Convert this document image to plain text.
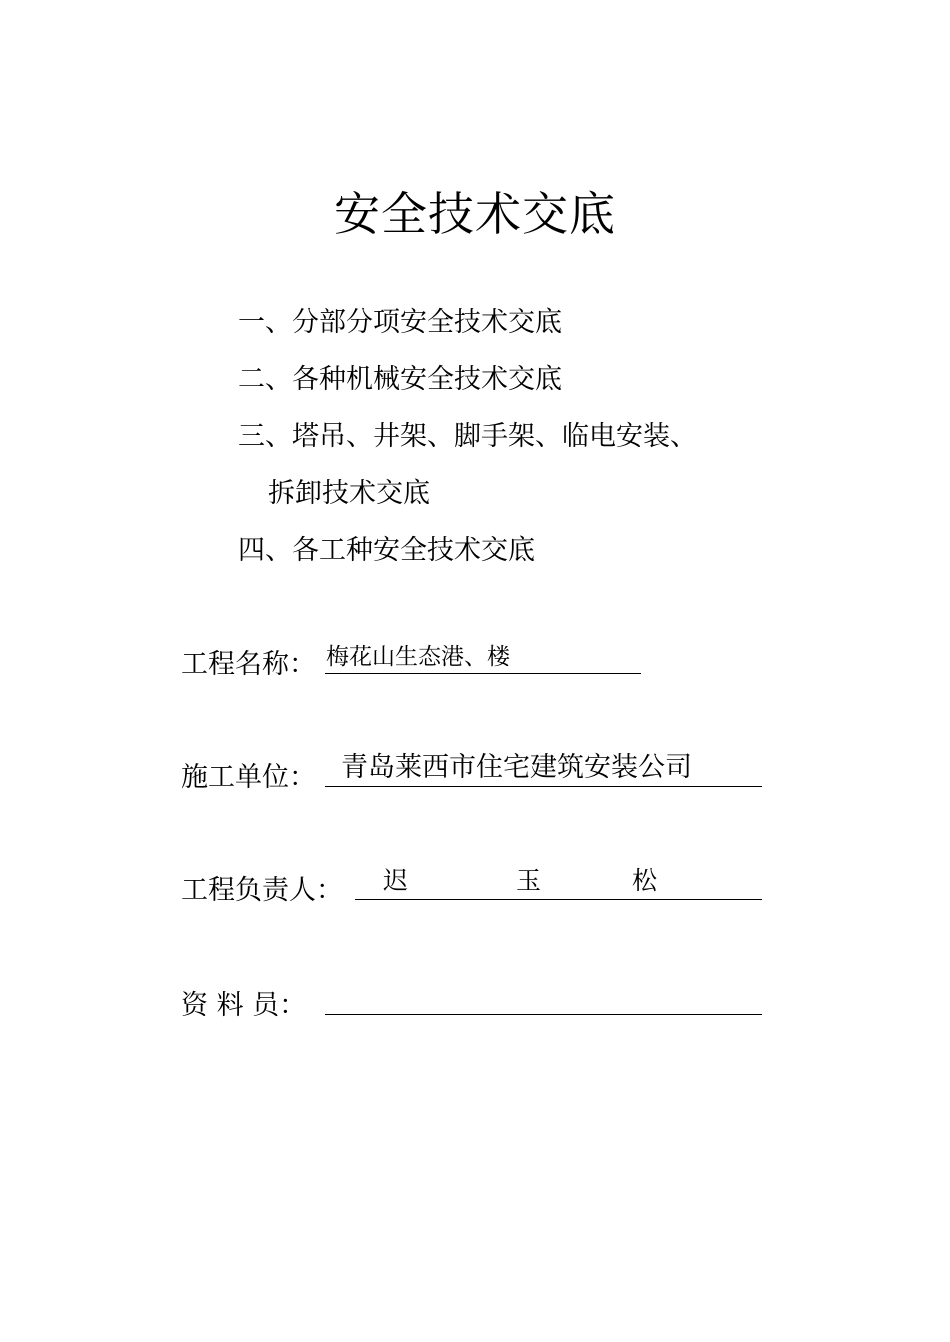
安全技术交底
一、分部分项安全技术交底
二、各种机械安全技术交底
三、塔吊、井架、脚手架、临电安装、
拆卸技术交底
四、各工种安全技术交底
工程名称： 梅花山生态港、楼
施工单位： 青岛莱西市住宅建筑安装公司
工程负责人： 迟	玉	松
资 料 员：
